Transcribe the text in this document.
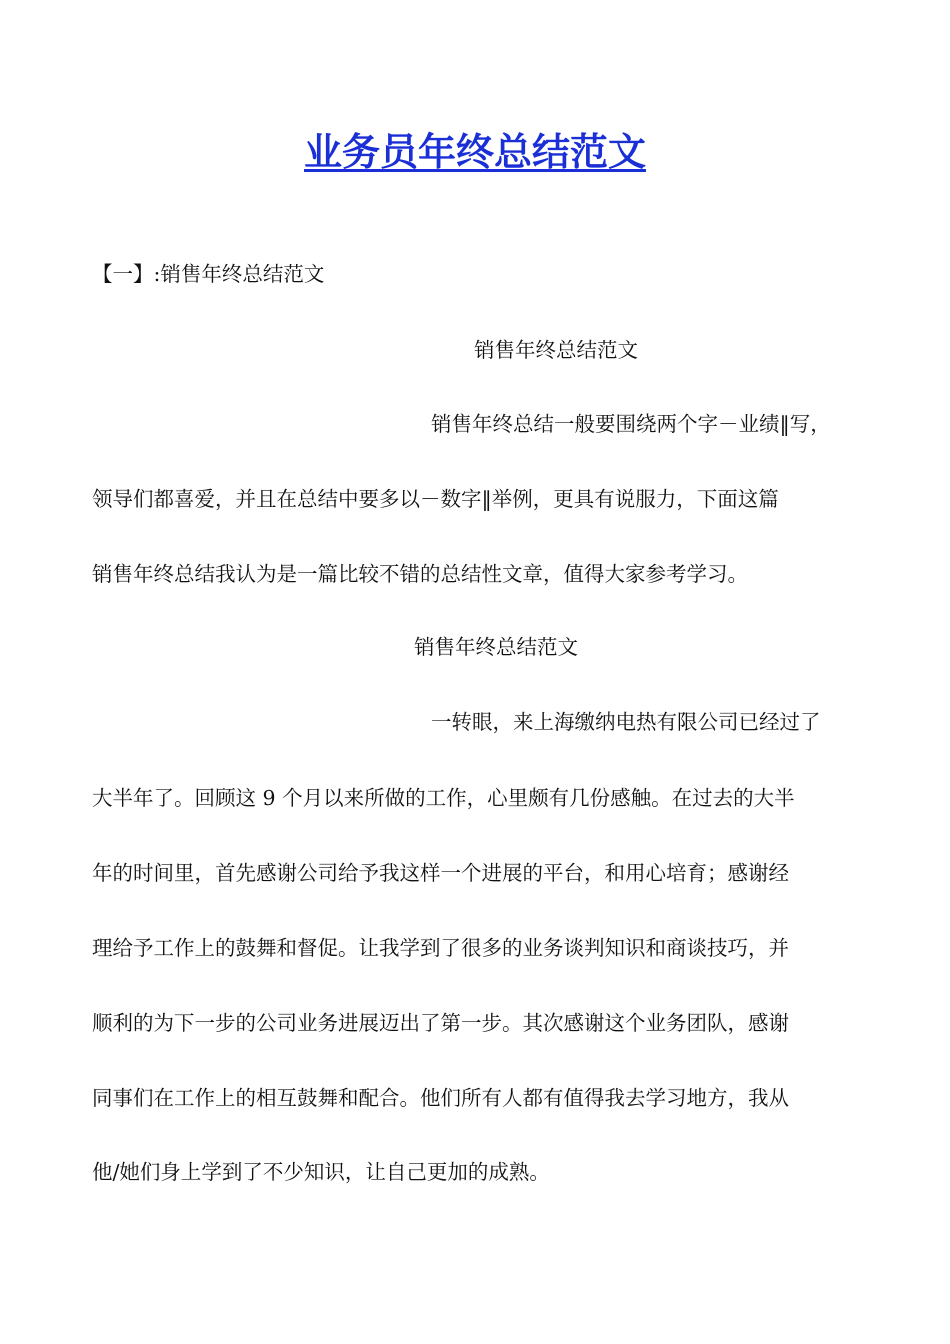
业务员年终总结范文
【一】:销售年终总结范文
销售年终总结范文
销售年终总结一般要围绕两个字－业绩‖写，
领导们都喜爱，并且在总结中要多以－数字‖举例，更具有说服力，下面这篇
销售年终总结我认为是一篇比较不错的总结性文章，值得大家参考学习。
销售年终总结范文
一转眼，来上海缴纳电热有限公司已经过了
大半年了。回顾这 9 个月以来所做的工作，心里颇有几份感触。在过去的大半
年的时间里，首先感谢公司给予我这样一个进展的平台，和用心培育；感谢经
理给予工作上的鼓舞和督促。让我学到了很多的业务谈判知识和商谈技巧，并
顺利的为下一步的公司业务进展迈出了第一步。其次感谢这个业务团队，感谢
同事们在工作上的相互鼓舞和配合。他们所有人都有值得我去学习地方，我从
他/她们身上学到了不少知识，让自己更加的成熟。
